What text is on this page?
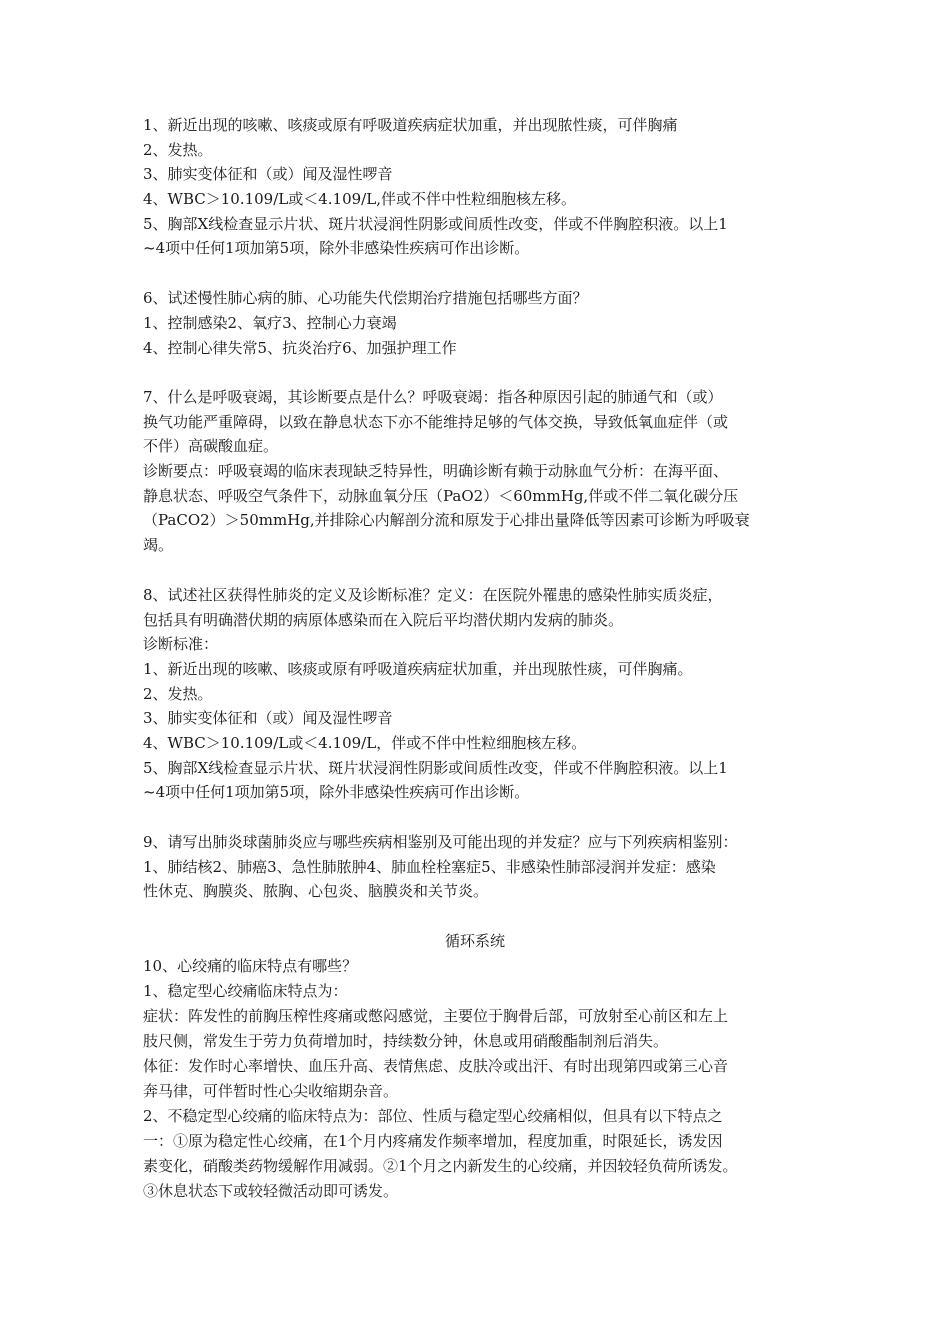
1、新近出现的咳嗽、咳痰或原有呼吸道疾病症状加重，并出现脓性痰，可伴胸痛
2、发热。
3、肺实变体征和（或）闻及湿性啰音
4、WBC＞10.109/L或＜4.109/L,伴或不伴中性粒细胞核左移。
5、胸部X线检查显示片状、斑片状浸润性阴影或间质性改变，伴或不伴胸腔积液。以上1
~4项中任何1项加第5项，除外非感染性疾病可作出诊断。
6、试述慢性肺心病的肺、心功能失代偿期治疗措施包括哪些方面？
1、控制感染2、氧疗3、控制心力衰竭
4、控制心律失常5、抗炎治疗6、加强护理工作
7、什么是呼吸衰竭，其诊断要点是什么？呼吸衰竭：指各种原因引起的肺通气和（或）
换气功能严重障碍，以致在静息状态下亦不能维持足够的气体交换，导致低氧血症伴（或
不伴）高碳酸血症。
诊断要点：呼吸衰竭的临床表现缺乏特异性，明确诊断有赖于动脉血气分析：在海平面、
静息状态、呼吸空气条件下，动脉血氧分压（PaO2）＜60mmHg,伴或不伴二氧化碳分压
（PaCO2）＞50mmHg,并排除心内解剖分流和原发于心排出量降低等因素可诊断为呼吸衰
竭。
8、试述社区获得性肺炎的定义及诊断标准？定义：在医院外罹患的感染性肺实质炎症，
包括具有明确潜伏期的病原体感染而在入院后平均潜伏期内发病的肺炎。
诊断标准：
1、新近出现的咳嗽、咳痰或原有呼吸道疾病症状加重，并出现脓性痰，可伴胸痛。
2、发热。
3、肺实变体征和（或）闻及湿性啰音
4、WBC＞10.109/L或＜4.109/L，伴或不伴中性粒细胞核左移。
5、胸部X线检查显示片状、斑片状浸润性阴影或间质性改变，伴或不伴胸腔积液。以上1
~4项中任何1项加第5项，除外非感染性疾病可作出诊断。
9、请写出肺炎球菌肺炎应与哪些疾病相鉴别及可能出现的并发症？应与下列疾病相鉴别：
1、肺结核2、肺癌3、急性肺脓肿4、肺血栓栓塞症5、非感染性肺部浸润并发症：感染
性休克、胸膜炎、脓胸、心包炎、脑膜炎和关节炎。
循环系统
10、心绞痛的临床特点有哪些？
1、稳定型心绞痛临床特点为：
症状：阵发性的前胸压榨性疼痛或憋闷感觉，主要位于胸骨后部，可放射至心前区和左上
肢尺侧，常发生于劳力负荷增加时，持续数分钟，休息或用硝酸酯制剂后消失。
体征：发作时心率增快、血压升高、表情焦虑、皮肤冷或出汗、有时出现第四或第三心音
奔马律，可伴暂时性心尖收缩期杂音。
2、不稳定型心绞痛的临床特点为：部位、性质与稳定型心绞痛相似，但具有以下特点之
一：①原为稳定性心绞痛，在1个月内疼痛发作频率增加，程度加重，时限延长，诱发因
素变化，硝酸类药物缓解作用减弱。②1个月之内新发生的心绞痛，并因较轻负荷所诱发。
③休息状态下或较轻微活动即可诱发。
